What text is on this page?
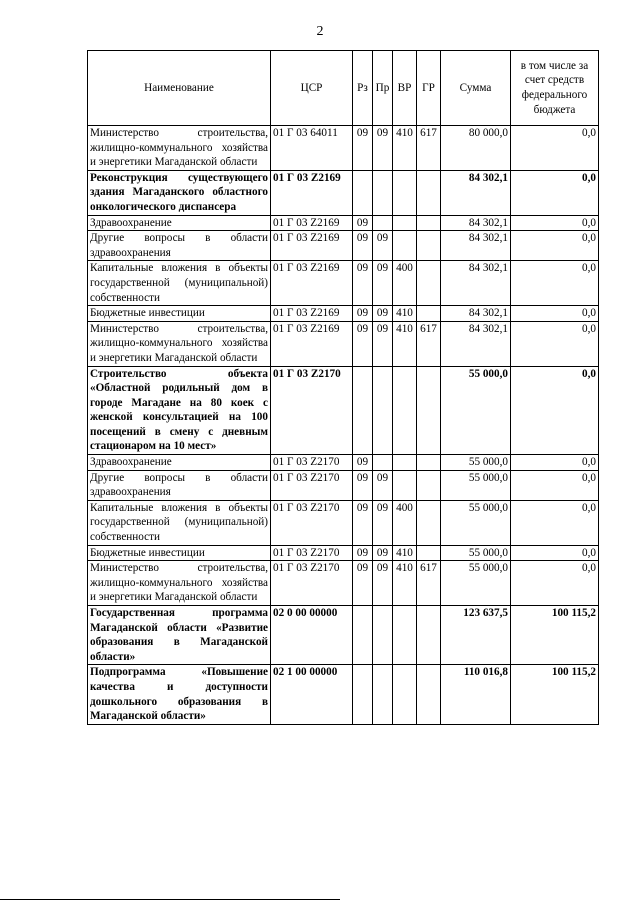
2
Наименование	ЦСР	Рз	Пр	ВР	ГР	Сумма	в том числе за счет средств федерального бюджета
Министерство строительства, жилищно-коммунального хозяйства и энергетики Магаданской области	01 Г 03 64011	09	09	410	617	80 000,0	0,0
Реконструкция существующего здания Магаданского областного онкологического диспансера	01 Г 03 Z2169					84 302,1	0,0
Здравоохранение	01 Г 03 Z2169	09				84 302,1	0,0
Другие вопросы в области здравоохранения	01 Г 03 Z2169	09	09			84 302,1	0,0
Капитальные вложения в объекты государственной (муниципальной) собственности	01 Г 03 Z2169	09	09	400		84 302,1	0,0
Бюджетные инвестиции	01 Г 03 Z2169	09	09	410		84 302,1	0,0
Министерство строительства, жилищно-коммунального хозяйства и энергетики Магаданской области	01 Г 03 Z2169	09	09	410	617	84 302,1	0,0
Строительство объекта «Областной родильный дом в городе Магадане на 80 коек с женской консультацией на 100 посещений в смену с дневным стационаром на 10 мест»	01 Г 03 Z2170					55 000,0	0,0
Здравоохранение	01 Г 03 Z2170	09				55 000,0	0,0
Другие вопросы в области здравоохранения	01 Г 03 Z2170	09	09			55 000,0	0,0
Капитальные вложения в объекты государственной (муниципальной) собственности	01 Г 03 Z2170	09	09	400		55 000,0	0,0
Бюджетные инвестиции	01 Г 03 Z2170	09	09	410		55 000,0	0,0
Министерство строительства, жилищно-коммунального хозяйства и энергетики Магаданской области	01 Г 03 Z2170	09	09	410	617	55 000,0	0,0
Государственная программа Магаданской области «Развитие образования в Магаданской области»	02 0 00 00000					123 637,5	100 115,2
Подпрограмма «Повышение качества и доступности дошкольного образования в Магаданской области»	02 1 00 00000					110 016,8	100 115,2
